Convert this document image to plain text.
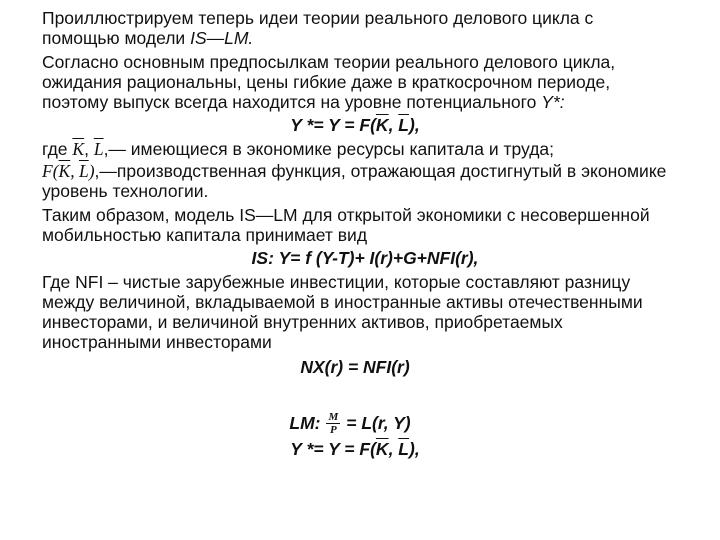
Проиллюстрируем теперь идеи теории реального делового цикла с помощью модели IS—LM.

Согласно основным предпосылкам теории реального делового цикла, ожидания рациональны, цены гибкие даже в краткосрочном периоде, поэтому выпуск всегда находится на уровне потенциального Y*:

$Y *= Y = F(\overline{K}$, $\overline{L}$),

где $\overline{K}$, $\overline{L},—$ имеющиеся в экономике ресурсы капитала и труда;

$F(\overline{K}$, $\overline{L}),—производственная$ функция, отражающая достигнутый в экономике уровень технологии.

Таким образом, модель IS—LM для открытой экономики с несовершенной мобильностью капитала принимает вид

IS: Y= f (Y-T)+ I(r)+G+NFI(r),

Где NFI – чистые зарубежные инвестиции, которые составляют разницу между величиной, вкладываемой в иностранные активы отечественными инвесторами, и величиной внутренних активов, приобретаемых иностранными инвесторами

NX(r) = NFI(r)

LM: $\frac{M}{P} = L(r$, Y)

$Y *= Y = F(\overline{K}$, $\overline{L}$),
